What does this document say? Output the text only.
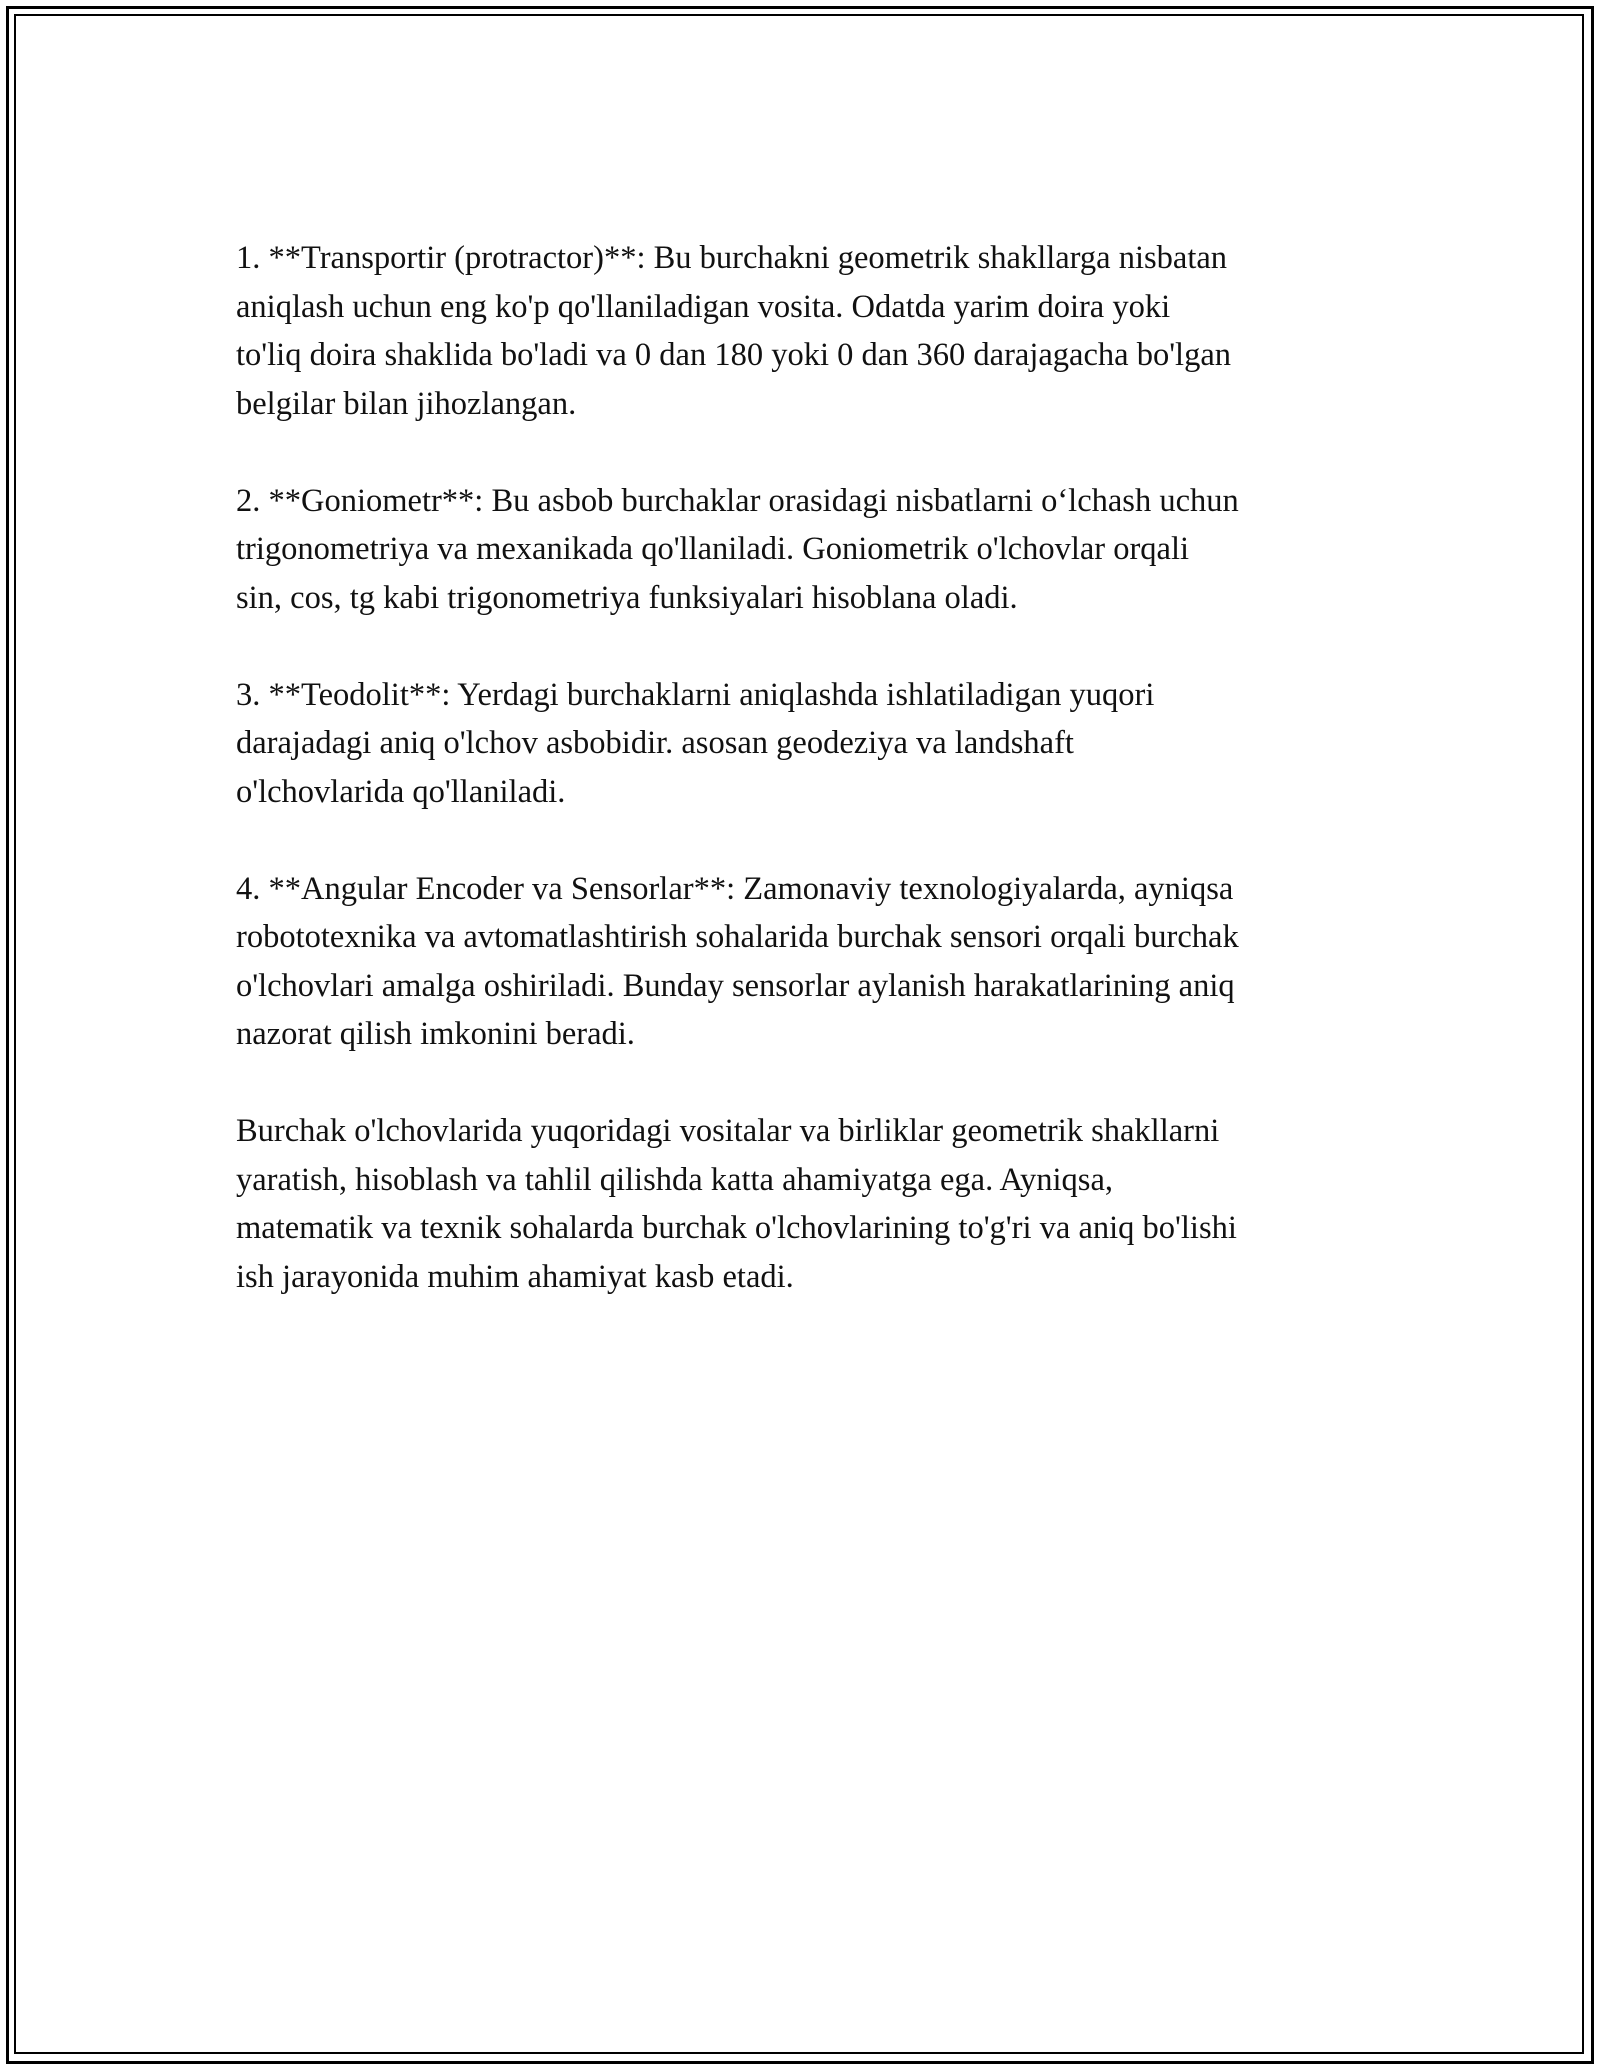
1. **Transportir (protractor)**: Bu burchakni geometrik shakllarga nisbatan
aniqlash uchun eng ko'p qo'llaniladigan vosita. Odatda yarim doira yoki
to'liq doira shaklida bo'ladi va 0 dan 180 yoki 0 dan 360 darajagacha bo'lgan
belgilar bilan jihozlangan.
2. **Goniometr**: Bu asbob burchaklar orasidagi nisbatlarni o‘lchash uchun
trigonometriya va mexanikada qo'llaniladi. Goniometrik o'lchovlar orqali
sin, cos, tg kabi trigonometriya funksiyalari hisoblana oladi.
3. **Teodolit**: Yerdagi burchaklarni aniqlashda ishlatiladigan yuqori
darajadagi aniq o'lchov asbobidir. asosan geodeziya va landshaft
o'lchovlarida qo'llaniladi.
4. **Angular Encoder va Sensorlar**: Zamonaviy texnologiyalarda, ayniqsa
robototexnika va avtomatlashtirish sohalarida burchak sensori orqali burchak
o'lchovlari amalga oshiriladi. Bunday sensorlar aylanish harakatlarining aniq
nazorat qilish imkonini beradi.
Burchak o'lchovlarida yuqoridagi vositalar va birliklar geometrik shakllarni
yaratish, hisoblash va tahlil qilishda katta ahamiyatga ega. Ayniqsa,
matematik va texnik sohalarda burchak o'lchovlarining to'g'ri va aniq bo'lishi
ish jarayonida muhim ahamiyat kasb etadi.
